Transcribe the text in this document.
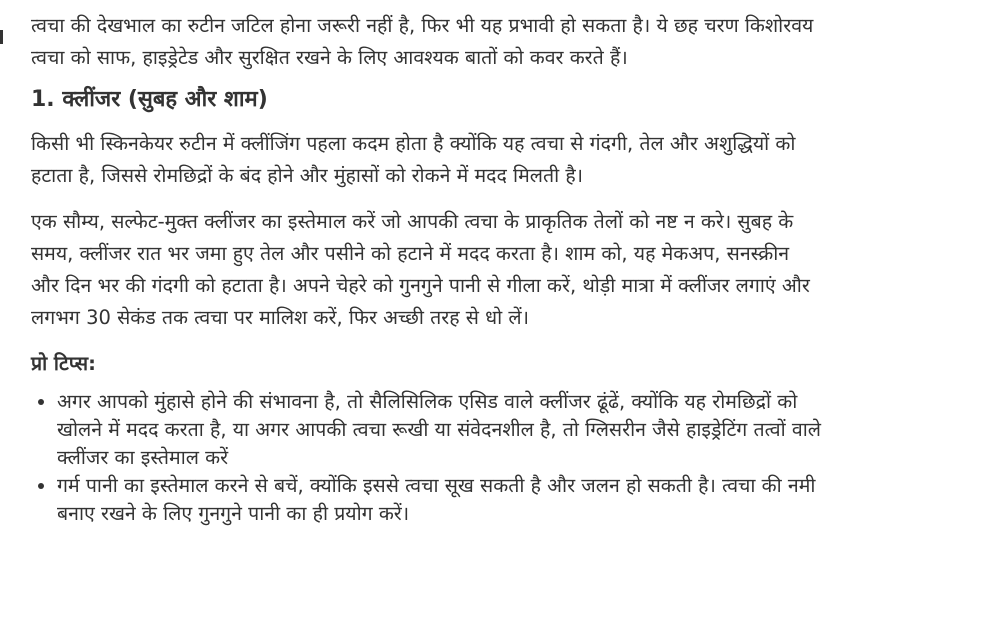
त्वचा की देखभाल का रुटीन जटिल होना जरूरी नहीं है, फिर भी यह प्रभावी हो सकता है। ये छह चरण किशोरवय त्वचा को साफ, हाइड्रेटेड और सुरक्षित रखने के लिए आवश्यक बातों को कवर करते हैं।

1. क्लींजर (सुबह और शाम)

किसी भी स्किनकेयर रुटीन में क्लींजिंग पहला कदम होता है क्योंकि यह त्वचा से गंदगी, तेल और अशुद्धियों को हटाता है, जिससे रोमछिद्रों के बंद होने और मुंहासों को रोकने में मदद मिलती है।

एक सौम्य, सल्फेट-मुक्त क्लींजर का इस्तेमाल करें जो आपकी त्वचा के प्राकृतिक तेलों को नष्ट न करे। सुबह के समय, क्लींजर रात भर जमा हुए तेल और पसीने को हटाने में मदद करता है। शाम को, यह मेकअप, सनस्क्रीन और दिन भर की गंदगी को हटाता है। अपने चेहरे को गुनगुने पानी से गीला करें, थोड़ी मात्रा में क्लींजर लगाएं और लगभग 30 सेकंड तक त्वचा पर मालिश करें, फिर अच्छी तरह से धो लें।

प्रो टिप्स:

• अगर आपको मुंहासे होने की संभावना है, तो सैलिसिलिक एसिड वाले क्लींजर ढूंढें, क्योंकि यह रोमछिद्रों को खोलने में मदद करता है, या अगर आपकी त्वचा रूखी या संवेदनशील है, तो ग्लिसरीन जैसे हाइड्रेटिंग तत्वों वाले क्लींजर का इस्तेमाल करें
• गर्म पानी का इस्तेमाल करने से बचें, क्योंकि इससे त्वचा सूख सकती है और जलन हो सकती है। त्वचा की नमी बनाए रखने के लिए गुनगुने पानी का ही प्रयोग करें।
